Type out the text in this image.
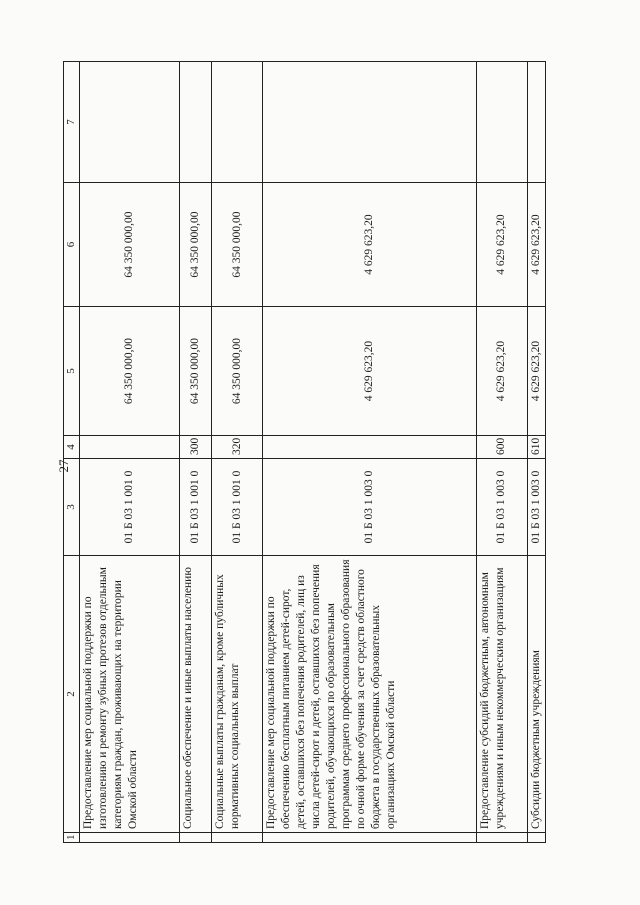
27
1	2	3	4	5	6	7
	Предоставление мер социальной поддержки по изготовлению и ремонту зубных протезов отдельным категориям граждан, проживающих на территории Омской области	01 Б 03 1 001 0		64 350 000,00	64 350 000,00	
	Социальное обеспечение и иные выплаты населению	01 Б 03 1 001 0	300	64 350 000,00	64 350 000,00	
	Социальные выплаты гражданам, кроме публичных нормативных социальных выплат	01 Б 03 1 001 0	320	64 350 000,00	64 350 000,00	
	Предоставление мер социальной поддержки по обеспечению бесплатным питанием детей-сирот, детей, оставшихся без попечения родителей, лиц из числа детей-сирот и детей, оставшихся без попечения родителей, обучающихся по образовательным программам среднего профессионального образования по очной форме обучения за счет средств областного бюджета в государственных образовательных организациях Омской области	01 Б 03 1 003 0		4 629 623,20	4 629 623,20	
	Предоставление субсидий бюджетным, автономным учреждениям и иным некоммерческим организациям	01 Б 03 1 003 0	600	4 629 623,20	4 629 623,20	
	Субсидии бюджетным учреждениям	01 Б 03 1 003 0	610	4 629 623,20	4 629 623,20	
